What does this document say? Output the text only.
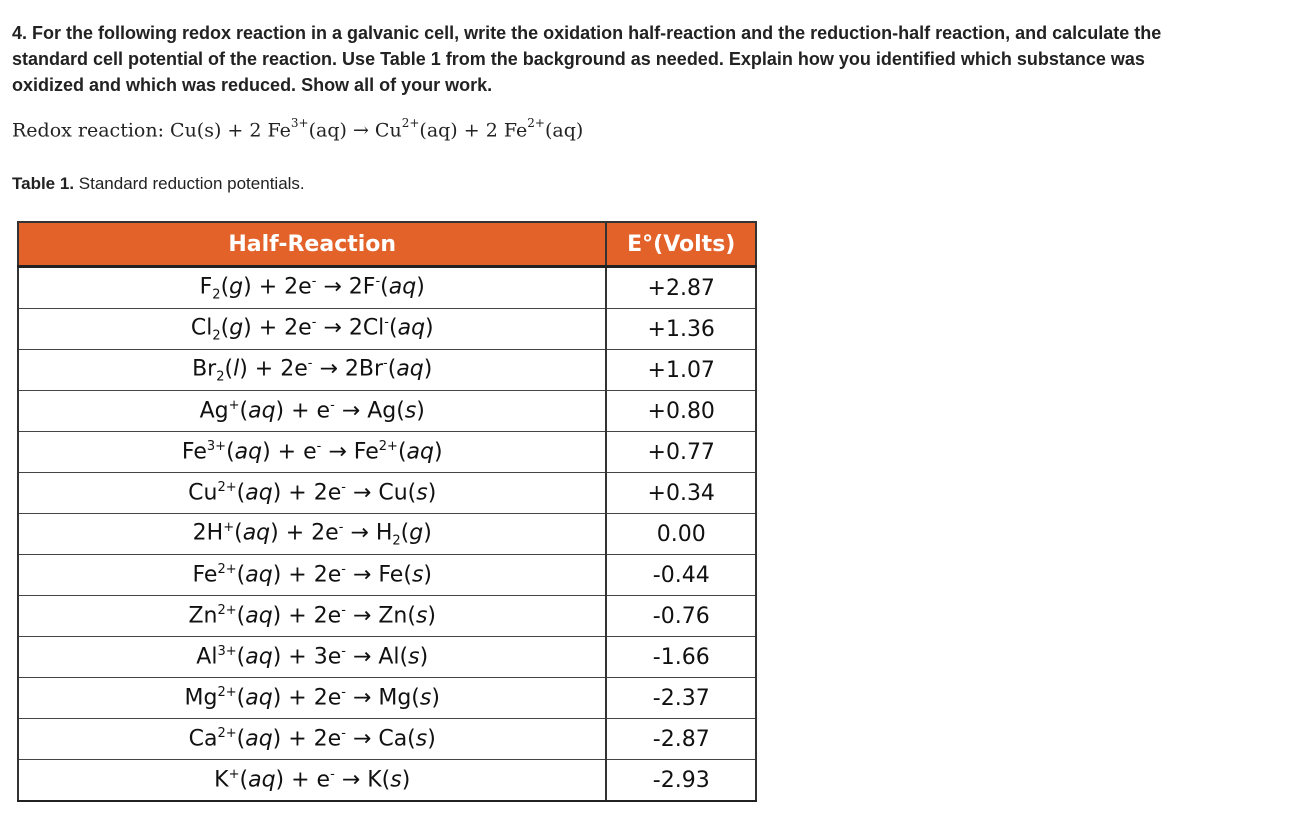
4. For the following redox reaction in a galvanic cell, write the oxidation half-reaction and the reduction-half reaction, and calculate the standard cell potential of the reaction. Use Table 1 from the background as needed. Explain how you identified which substance was oxidized and which was reduced. Show all of your work.

Redox reaction: Cu(s) + 2 $Fe^{3+}(aq) \to Cu^{2+}(aq) + 2$ $Fe^{2+}(aq)$
Table 1. Standard reduction potentials.
Half-Reaction	E°(Volts)
$F_2(g) + 2e^- \to 2F^-(aq)$	+2.87
$Cl_2(g) + 2e^- \to 2Cl^-(aq)$	+1.36
$Br_2(l) + 2e^- \to 2Br^-(aq)$	+1.07
Ag+(aq) + e- → Ag(s)	+0.80
$Fe^{3+}(aq) + e^- \to Fe^{2+}(aq)$	+0.77
$Cu^{2+}(aq) + 2e^- \to Cu(s)$	+0.34
$2H^+(aq) + 2e^- \to H_2(g)$	0.00
$Fe^{2+}(aq) + 2e^- \to Fe(s)$	-0.44
$Zn^{2+}(aq) + 2e^- \to Zn(s)$	-0.76
$Al^{3+}(aq) + 3e^- \to Al(s)$	-1.66
$Mg^{2+}(aq) + 2e^- \to Mg(s)$	-2.37
$Ca^{2+}(aq) + 2e^- \to Ca(s)$	-2.87
K+(aq) + e- → K(s)	-2.93
